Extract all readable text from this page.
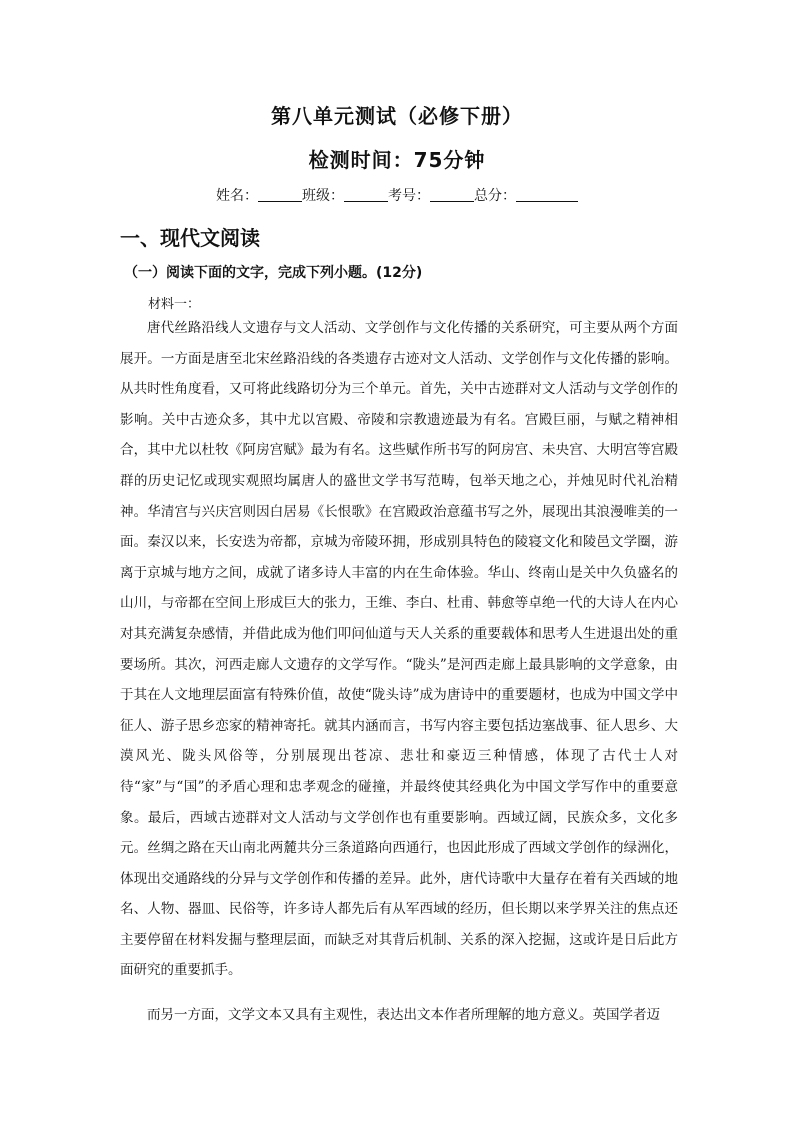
第八单元测试（必修下册）
检测时间：75分钟
姓名：	班级：	考号：	总分：
一、现代文阅读
（一）阅读下面的文字，完成下列小题。(12分)
材料一：

唐代丝路沿线人文遗存与文人活动、文学创作与文化传播的关系研究，可主要从两个方面展开。一方面是唐至北宋丝路沿线的各类遗存古迹对文人活动、文学创作与文化传播的影响。从共时性角度看，又可将此线路切分为三个单元。首先，关中古迹群对文人活动与文学创作的影响。关中古迹众多，其中尤以宫殿、帝陵和宗教遗迹最为有名。宫殿巨丽，与赋之精神相合，其中尤以杜牧《阿房宫赋》最为有名。这些赋作所书写的阿房宫、未央宫、大明宫等宫殿群的历史记忆或现实观照均属唐人的盛世文学书写范畴，包举天地之心，并烛见时代礼治精神。华清宫与兴庆宫则因白居易《长恨歌》在宫殿政治意蕴书写之外，展现出其浪漫唯美的一面。秦汉以来，长安迭为帝都，京城为帝陵环拥，形成别具特色的陵寝文化和陵邑文学圈，游离于京城与地方之间，成就了诸多诗人丰富的内在生命体验。华山、终南山是关中久负盛名的山川，与帝都在空间上形成巨大的张力，王维、李白、杜甫、韩愈等卓绝一代的大诗人在内心对其充满复杂感情，并借此成为他们叩问仙道与天人关系的重要载体和思考人生进退出处的重要场所。其次，河西走廊人文遗存的文学写作。“陇头”是河西走廊上最具影响的文学意象，由于其在人文地理层面富有特殊价值，故使“陇头诗”成为唐诗中的重要题材，也成为中国文学中征人、游子思乡恋家的精神寄托。就其内涵而言，书写内容主要包括边塞战事、征人思乡、大漠风光、陇头风俗等，分别展现出苍凉、悲壮和豪迈三种情感，体现了古代士人对待“家”与“国”的矛盾心理和忠孝观念的碰撞，并最终使其经典化为中国文学写作中的重要意象。最后，西域古迹群对文人活动与文学创作也有重要影响。西域辽阔，民族众多，文化多元。丝绸之路在天山南北两麓共分三条道路向西通行，也因此形成了西域文学创作的绿洲化，体现出交通路线的分异与文学创作和传播的差异。此外，唐代诗歌中大量存在着有关西域的地名、人物、器皿、民俗等，许多诗人都先后有从军西域的经历，但长期以来学界关注的焦点还主要停留在材料发掘与整理层面，而缺乏对其背后机制、关系的深入挖掘，这或许是日后此方面研究的重要抓手。

而另一方面，文学文本又具有主观性，表达出文本作者所理解的地方意义。英国学者迈
